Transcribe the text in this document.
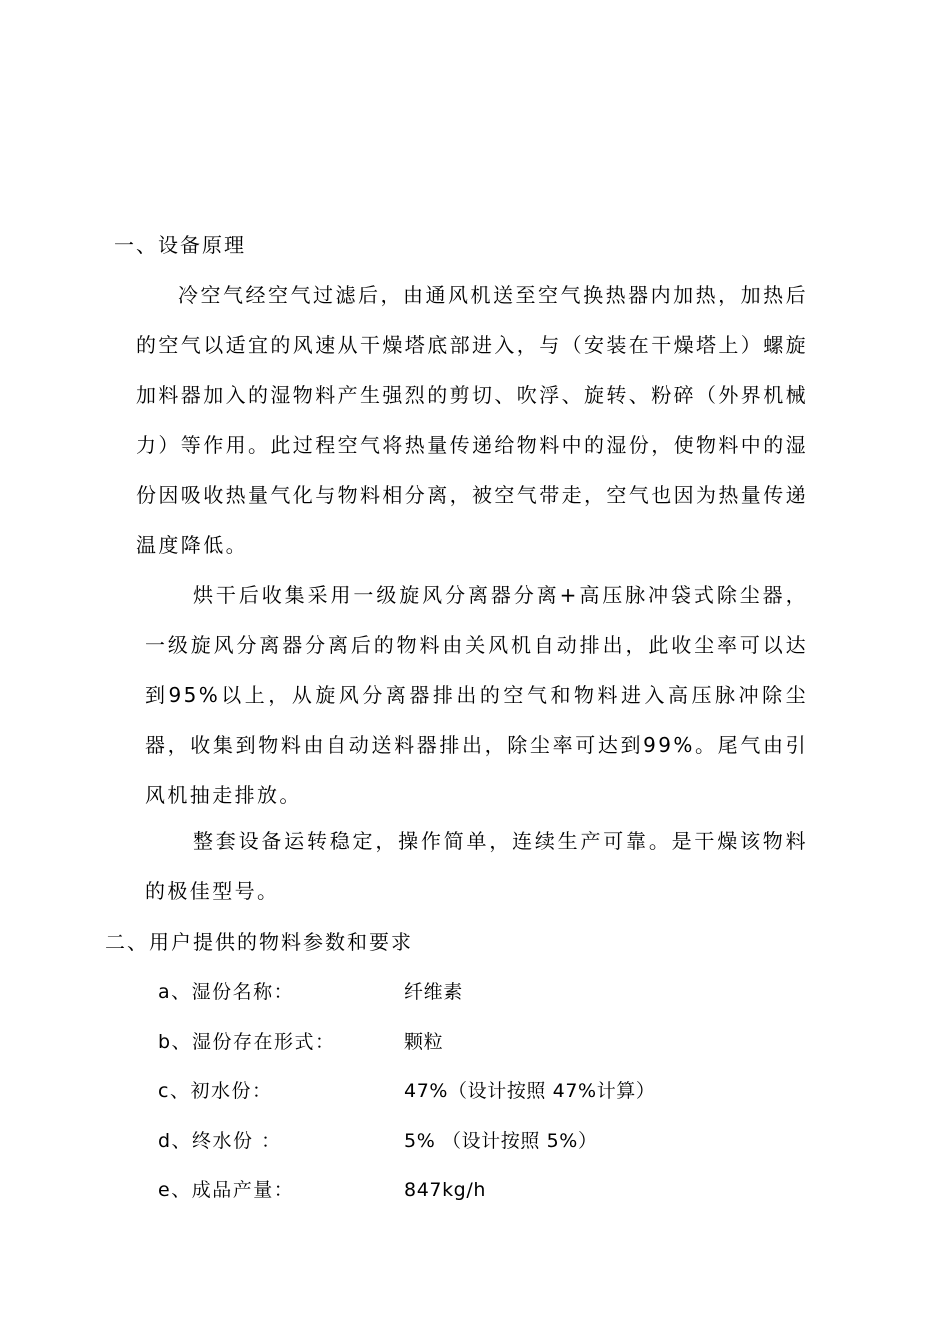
一、设备原理
冷空气经空气过滤后，由通风机送至空气换热器内加热，加热后的空气以适宜的风速从干燥塔底部进入，与（安装在干燥塔上）螺旋加料器加入的湿物料产生强烈的剪切、吹浮、旋转、粉碎（外界机械力）等作用。此过程空气将热量传递给物料中的湿份，使物料中的湿份因吸收热量气化与物料相分离，被空气带走，空气也因为热量传递温度降低。
烘干后收集采用一级旋风分离器分离+高压脉冲袋式除尘器，一级旋风分离器分离后的物料由关风机自动排出，此收尘率可以达到95%以上，从旋风分离器排出的空气和物料进入高压脉冲除尘器，收集到物料由自动送料器排出，除尘率可达到99%。尾气由引风机抽走排放。
整套设备运转稳定，操作简单，连续生产可靠。是干燥该物料的极佳型号。
二、用户提供的物料参数和要求
a、湿份名称：	纤维素
b、湿份存在形式：	颗粒
c、初水份：	47%（设计按照 47%计算）
d、终水份 ：	5% （设计按照 5%）
e、成品产量：	847kg/h
